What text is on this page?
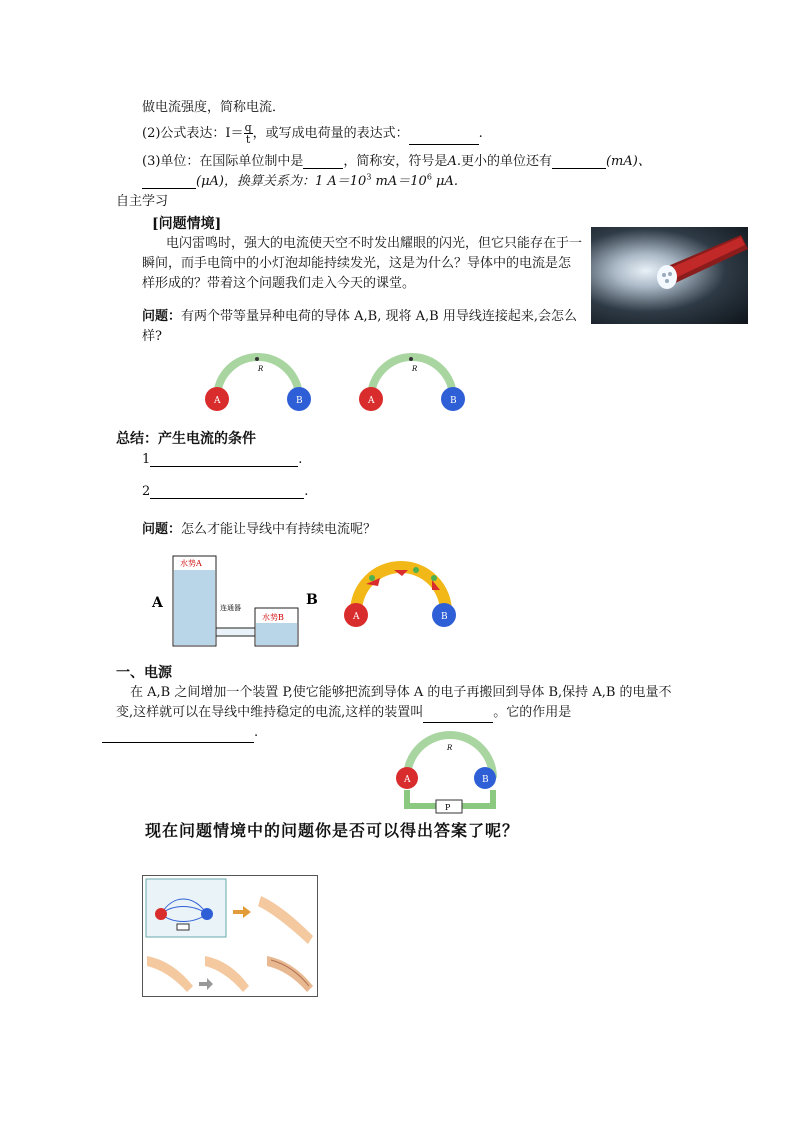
做电流强度，简称电流．
(2)公式表达：$I= \frac{q}{t}$ ，或写成电荷量的表达式：	.
(3)单位：在国际单位制中是	，简称安，符号是A.更小的单位还有	(mA)、
(μA)，换算关系为：1 $A=10^3$ $mA=10^6$ μA.
自主学习
[问题情境]
电闪雷鸣时，强大的电流使天空不时发出耀眼的闪光，但它只能存在于一瞬间，而手电筒中的小灯泡却能持续发光，这是为什么？导体中的电流是怎样形成的？带着这个问题我们走入今天的课堂。
问题：有两个带等量异种电荷的导体 A,B, 现将 A,B 用导线连接起来,会怎么样?
R
A	B
R
A	B
总结：产生电流的条件
1	.
2	.
问题：怎么才能让导线中有持续电流呢？
A	B
水势A
水势B
连通器
A	B
一、电源
在 A,B 之间增加一个装置 P,使它能够把流到导体 A 的电子再搬回到导体 B,保持 A,B 的电量不变,这样就可以在导线中维持稳定的电流,这样的装置叫	。它的作用是
.
R
A	B
P
现在问题情境中的问题你是否可以得出答案了呢？
